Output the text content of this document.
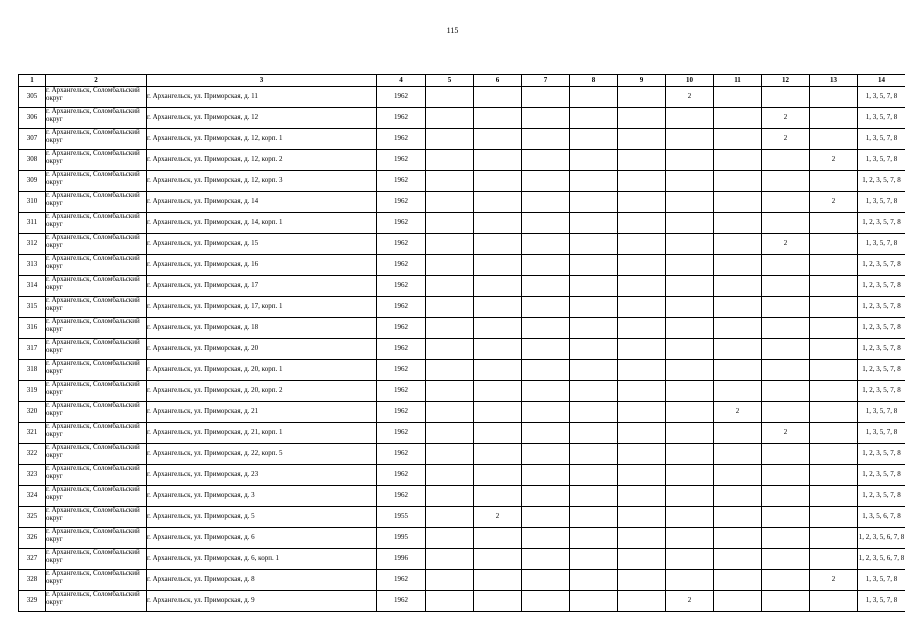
115
1	2	3	4	5	6	7	8	9	10	11	12	13	14
305	г. Архангельск, Соломбальский округ	г. Архангельск, ул. Приморская, д. 11	1962						2				1, 3, 5, 7, 8
306	г. Архангельск, Соломбальский округ	г. Архангельск, ул. Приморская, д. 12	1962								2		1, 3, 5, 7, 8
307	г. Архангельск, Соломбальский округ	г. Архангельск, ул. Приморская, д. 12, корп. 1	1962								2		1, 3, 5, 7, 8
308	г. Архангельск, Соломбальский округ	г. Архангельск, ул. Приморская, д. 12, корп. 2	1962									2	1, 3, 5, 7, 8
309	г. Архангельск, Соломбальский округ	г. Архангельск, ул. Приморская, д. 12, корп. 3	1962										1, 2, 3, 5, 7, 8
310	г. Архангельск, Соломбальский округ	г. Архангельск, ул. Приморская, д. 14	1962									2	1, 3, 5, 7, 8
311	г. Архангельск, Соломбальский округ	г. Архангельск, ул. Приморская, д. 14, корп. 1	1962										1, 2, 3, 5, 7, 8
312	г. Архангельск, Соломбальский округ	г. Архангельск, ул. Приморская, д. 15	1962								2		1, 3, 5, 7, 8
313	г. Архангельск, Соломбальский округ	г. Архангельск, ул. Приморская, д. 16	1962										1, 2, 3, 5, 7, 8
314	г. Архангельск, Соломбальский округ	г. Архангельск, ул. Приморская, д. 17	1962										1, 2, 3, 5, 7, 8
315	г. Архангельск, Соломбальский округ	г. Архангельск, ул. Приморская, д. 17, корп. 1	1962										1, 2, 3, 5, 7, 8
316	г. Архангельск, Соломбальский округ	г. Архангельск, ул. Приморская, д. 18	1962										1, 2, 3, 5, 7, 8
317	г. Архангельск, Соломбальский округ	г. Архангельск, ул. Приморская, д. 20	1962										1, 2, 3, 5, 7, 8
318	г. Архангельск, Соломбальский округ	г. Архангельск, ул. Приморская, д. 20, корп. 1	1962										1, 2, 3, 5, 7, 8
319	г. Архангельск, Соломбальский округ	г. Архангельск, ул. Приморская, д. 20, корп. 2	1962										1, 2, 3, 5, 7, 8
320	г. Архангельск, Соломбальский округ	г. Архангельск, ул. Приморская, д. 21	1962							2			1, 3, 5, 7, 8
321	г. Архангельск, Соломбальский округ	г. Архангельск, ул. Приморская, д. 21, корп. 1	1962								2		1, 3, 5, 7, 8
322	г. Архангельск, Соломбальский округ	г. Архангельск, ул. Приморская, д. 22, корп. 5	1962										1, 2, 3, 5, 7, 8
323	г. Архангельск, Соломбальский округ	г. Архангельск, ул. Приморская, д. 23	1962										1, 2, 3, 5, 7, 8
324	г. Архангельск, Соломбальский округ	г. Архангельск, ул. Приморская, д. 3	1962										1, 2, 3, 5, 7, 8
325	г. Архангельск, Соломбальский округ	г. Архангельск, ул. Приморская, д. 5	1955		2								1, 3, 5, 6, 7, 8
326	г. Архангельск, Соломбальский округ	г. Архангельск, ул. Приморская, д. 6	1995										1, 2, 3, 5, 6, 7, 8
327	г. Архангельск, Соломбальский округ	г. Архангельск, ул. Приморская, д. 6, корп. 1	1996										1, 2, 3, 5, 6, 7, 8
328	г. Архангельск, Соломбальский округ	г. Архангельск, ул. Приморская, д. 8	1962									2	1, 3, 5, 7, 8
329	г. Архангельск, Соломбальский округ	г. Архангельск, ул. Приморская, д. 9	1962						2				1, 3, 5, 7, 8
